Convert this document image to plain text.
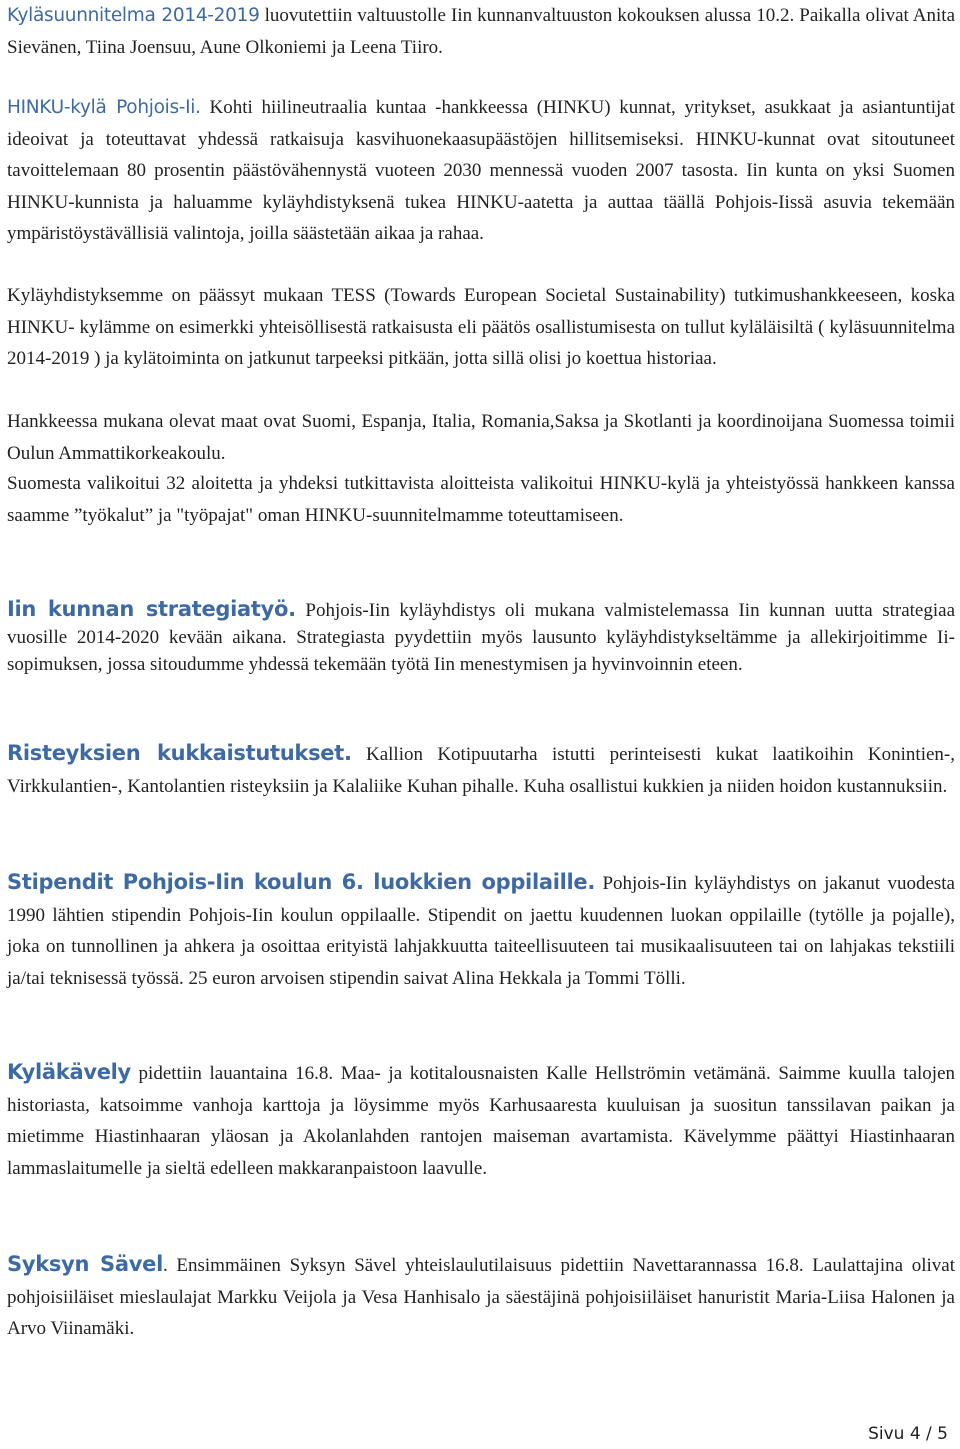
Kyläsuunnitelma 2014-2019 luovutettiin valtuustolle Iin kunnanvaltuuston kokouksen alussa 10.2. Paikalla olivat Anita Sievänen, Tiina Joensuu, Aune Olkoniemi ja Leena Tiiro.

HINKU-kylä Pohjois-Ii. Kohti hiilineutraalia kuntaa -hankkeessa (HINKU) kunnat, yritykset, asukkaat ja asiantuntijat ideoivat ja toteuttavat yhdessä ratkaisuja kasvihuonekaasupäästöjen hillitsemiseksi. HINKU-kunnat ovat sitoutuneet tavoittelemaan 80 prosentin päästövähennystä vuoteen 2030 mennessä vuoden 2007 tasosta. Iin kunta on yksi Suomen HINKU-kunnista ja haluamme kyläyhdistyksenä tukea HINKU-aatetta ja auttaa täällä Pohjois-Iissä asuvia tekemään ympäristöystävällisiä valintoja, joilla säästetään aikaa ja rahaa.

Kyläyhdistyksemme on päässyt mukaan TESS (Towards European Societal Sustainability) tutkimushankkeeseen, koska HINKU- kylämme on esimerkki yhteisöllisestä ratkaisusta eli päätös osallistumisesta on tullut kyläläisiltä ( kyläsuunnitelma 2014-2019 ) ja kylätoiminta on jatkunut tarpeeksi pitkään, jotta sillä olisi jo koettua historiaa.

Hankkeessa mukana olevat maat ovat Suomi, Espanja, Italia, Romania,Saksa ja Skotlanti ja koordinoijana Suomessa toimii Oulun Ammattikorkeakoulu.

Suomesta valikoitui 32 aloitetta ja yhdeksi tutkittavista aloitteista valikoitui HINKU-kylä ja yhteistyössä hankkeen kanssa saamme ”työkalut” ja "työpajat" oman HINKU-suunnitelmamme toteuttamiseen.

Iin kunnan strategiatyö. Pohjois-Iin kyläyhdistys oli mukana valmistelemassa Iin kunnan uutta strategiaa vuosille 2014-2020 kevään aikana. Strategiasta pyydettiin myös lausunto kyläyhdistykseltämme ja allekirjoitimme Ii-sopimuksen, jossa sitoudumme yhdessä tekemään työtä Iin menestymisen ja hyvinvoinnin eteen.

Risteyksien kukkaistutukset. Kallion Kotipuutarha istutti perinteisesti kukat laatikoihin Konintien-, Virkkulantien-, Kantolantien risteyksiin ja Kalaliike Kuhan pihalle. Kuha osallistui kukkien ja niiden hoidon kustannuksiin.

Stipendit Pohjois-Iin koulun 6. luokkien oppilaille. Pohjois-Iin kyläyhdistys on jakanut vuodesta 1990 lähtien stipendin Pohjois-Iin koulun oppilaalle. Stipendit on jaettu kuudennen luokan oppilaille (tytölle ja pojalle), joka on tunnollinen ja ahkera ja osoittaa erityistä lahjakkuutta taiteellisuuteen tai musikaalisuuteen tai on lahjakas tekstiili ja/tai teknisessä työssä. 25 euron arvoisen stipendin saivat Alina Hekkala ja Tommi Tölli.

Kyläkävely pidettiin lauantaina 16.8. Maa- ja kotitalousnaisten Kalle Hellströmin vetämänä. Saimme kuulla talojen historiasta, katsoimme vanhoja karttoja ja löysimme myös Karhusaaresta kuuluisan ja suositun tanssilavan paikan ja mietimme Hiastinhaaran yläosan ja Akolanlahden rantojen maiseman avartamista. Kävelymme päättyi Hiastinhaaran lammaslaitumelle ja sieltä edelleen makkaranpaistoon laavulle.

Syksyn Sävel. Ensimmäinen Syksyn Sävel yhteislaulutilaisuus pidettiin Navettarannassa 16.8. Laulattajina olivat pohjoisiiläiset mieslaulajat Markku Veijola ja Vesa Hanhisalo ja säestäjinä pohjoisiiläiset hanuristit Maria-Liisa Halonen ja Arvo Viinamäki.

Sivu 4 / 5
